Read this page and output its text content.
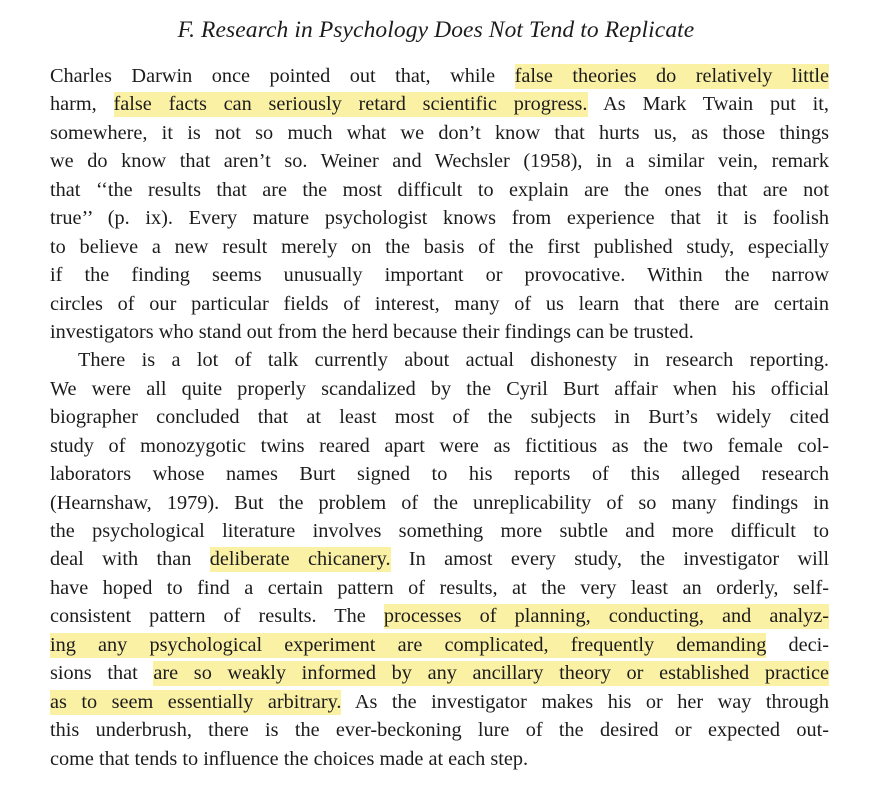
F. Research in Psychology Does Not Tend to Replicate
Charles Darwin once pointed out that, while false theories do relatively little
harm, false facts can seriously retard scientific progress. As Mark Twain put it,
somewhere, it is not so much what we don’t know that hurts us, as those things
we do know that aren’t so. Weiner and Wechsler (1958), in a similar vein, remark
that ‘‘the results that are the most difficult to explain are the ones that are not
true’’ (p. ix). Every mature psychologist knows from experience that it is foolish
to believe a new result merely on the basis of the first published study, especially
if the finding seems unusually important or provocative. Within the narrow
circles of our particular fields of interest, many of us learn that there are certain
investigators who stand out from the herd because their findings can be trusted.
There is a lot of talk currently about actual dishonesty in research reporting.
We were all quite properly scandalized by the Cyril Burt affair when his official
biographer concluded that at least most of the subjects in Burt’s widely cited
study of monozygotic twins reared apart were as fictitious as the two female col-
laborators whose names Burt signed to his reports of this alleged research
(Hearnshaw, 1979). But the problem of the unreplicability of so many findings in
the psychological literature involves something more subtle and more difficult to
deal with than deliberate chicanery. In amost every study, the investigator will
have hoped to find a certain pattern of results, at the very least an orderly, self-
consistent pattern of results. The processes of planning, conducting, and analyz-
ing any psychological experiment are complicated, frequently demanding deci-
sions that are so weakly informed by any ancillary theory or established practice
as to seem essentially arbitrary. As the investigator makes his or her way through
this underbrush, there is the ever-beckoning lure of the desired or expected out-
come that tends to influence the choices made at each step.
